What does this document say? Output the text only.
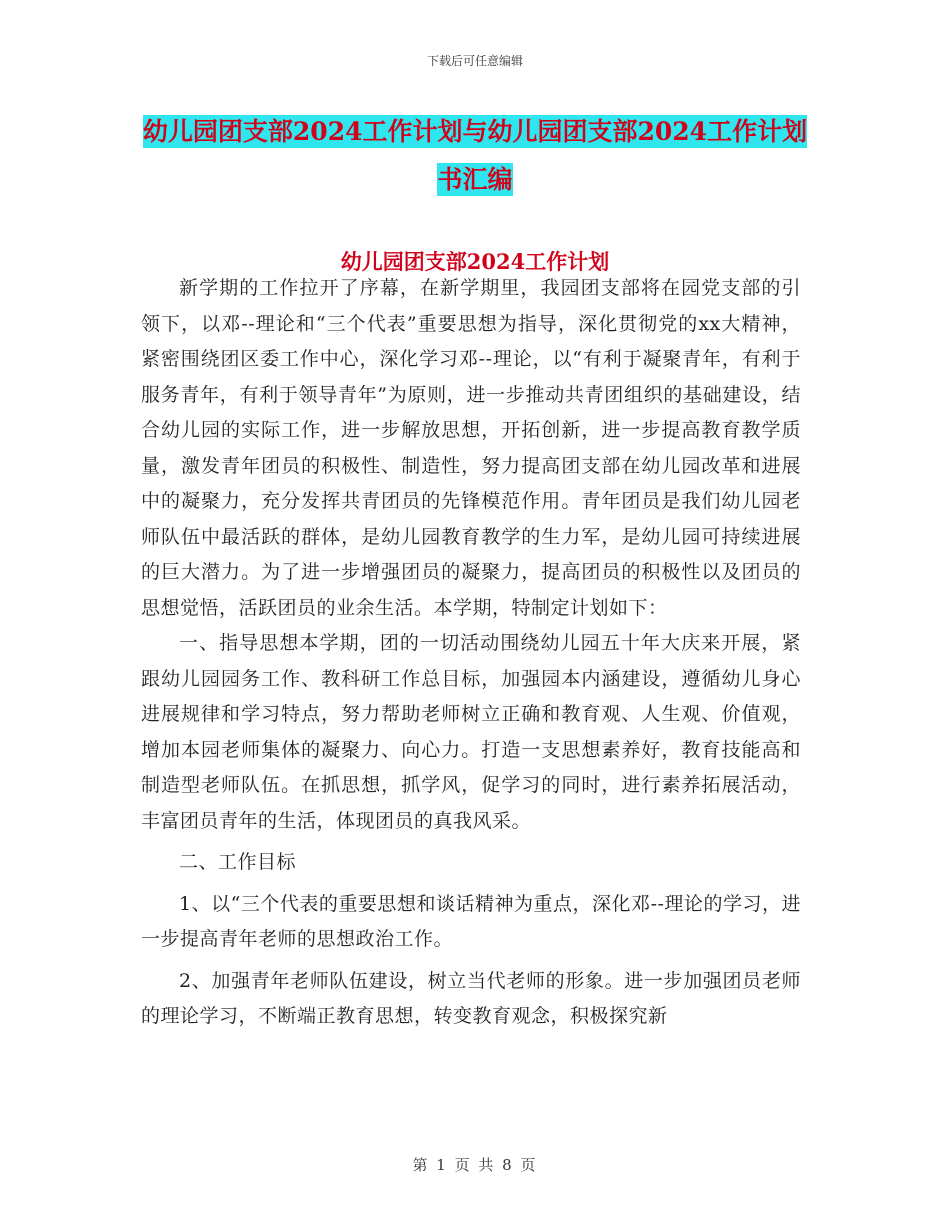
下载后可任意编辑
幼儿园团支部2024工作计划与幼儿园团支部2024工作计划书汇编
幼儿园团支部2024工作计划

新学期的工作拉开了序幕，在新学期里，我园团支部将在园党支部的引领下，以邓--理论和“三个代表”重要思想为指导，深化贯彻党的xx大精神，紧密围绕团区委工作中心，深化学习邓--理论，以“有利于凝聚青年，有利于服务青年，有利于领导青年”为原则，进一步推动共青团组织的基础建设，结合幼儿园的实际工作，进一步解放思想，开拓创新，进一步提高教育教学质量，激发青年团员的积极性、制造性，努力提高团支部在幼儿园改革和进展中的凝聚力，充分发挥共青团员的先锋模范作用。青年团员是我们幼儿园老师队伍中最活跃的群体，是幼儿园教育教学的生力军，是幼儿园可持续进展的巨大潜力。为了进一步增强团员的凝聚力，提高团员的积极性以及团员的思想觉悟，活跃团员的业余生活。本学期，特制定计划如下：

一、指导思想本学期，团的一切活动围绕幼儿园五十年大庆来开展，紧跟幼儿园园务工作、教科研工作总目标，加强园本内涵建设，遵循幼儿身心进展规律和学习特点，努力帮助老师树立正确和教育观、人生观、价值观，增加本园老师集体的凝聚力、向心力。打造一支思想素养好，教育技能高和制造型老师队伍。在抓思想，抓学风，促学习的同时，进行素养拓展活动，丰富团员青年的生活，体现团员的真我风采。

二、工作目标

1、以“三个代表的重要思想和谈话精神为重点，深化邓--理论的学习，进一步提高青年老师的思想政治工作。

2、加强青年老师队伍建设，树立当代老师的形象。进一步加强团员老师的理论学习，不断端正教育思想，转变教育观念，积极探究新

第 1 页 共 8 页
